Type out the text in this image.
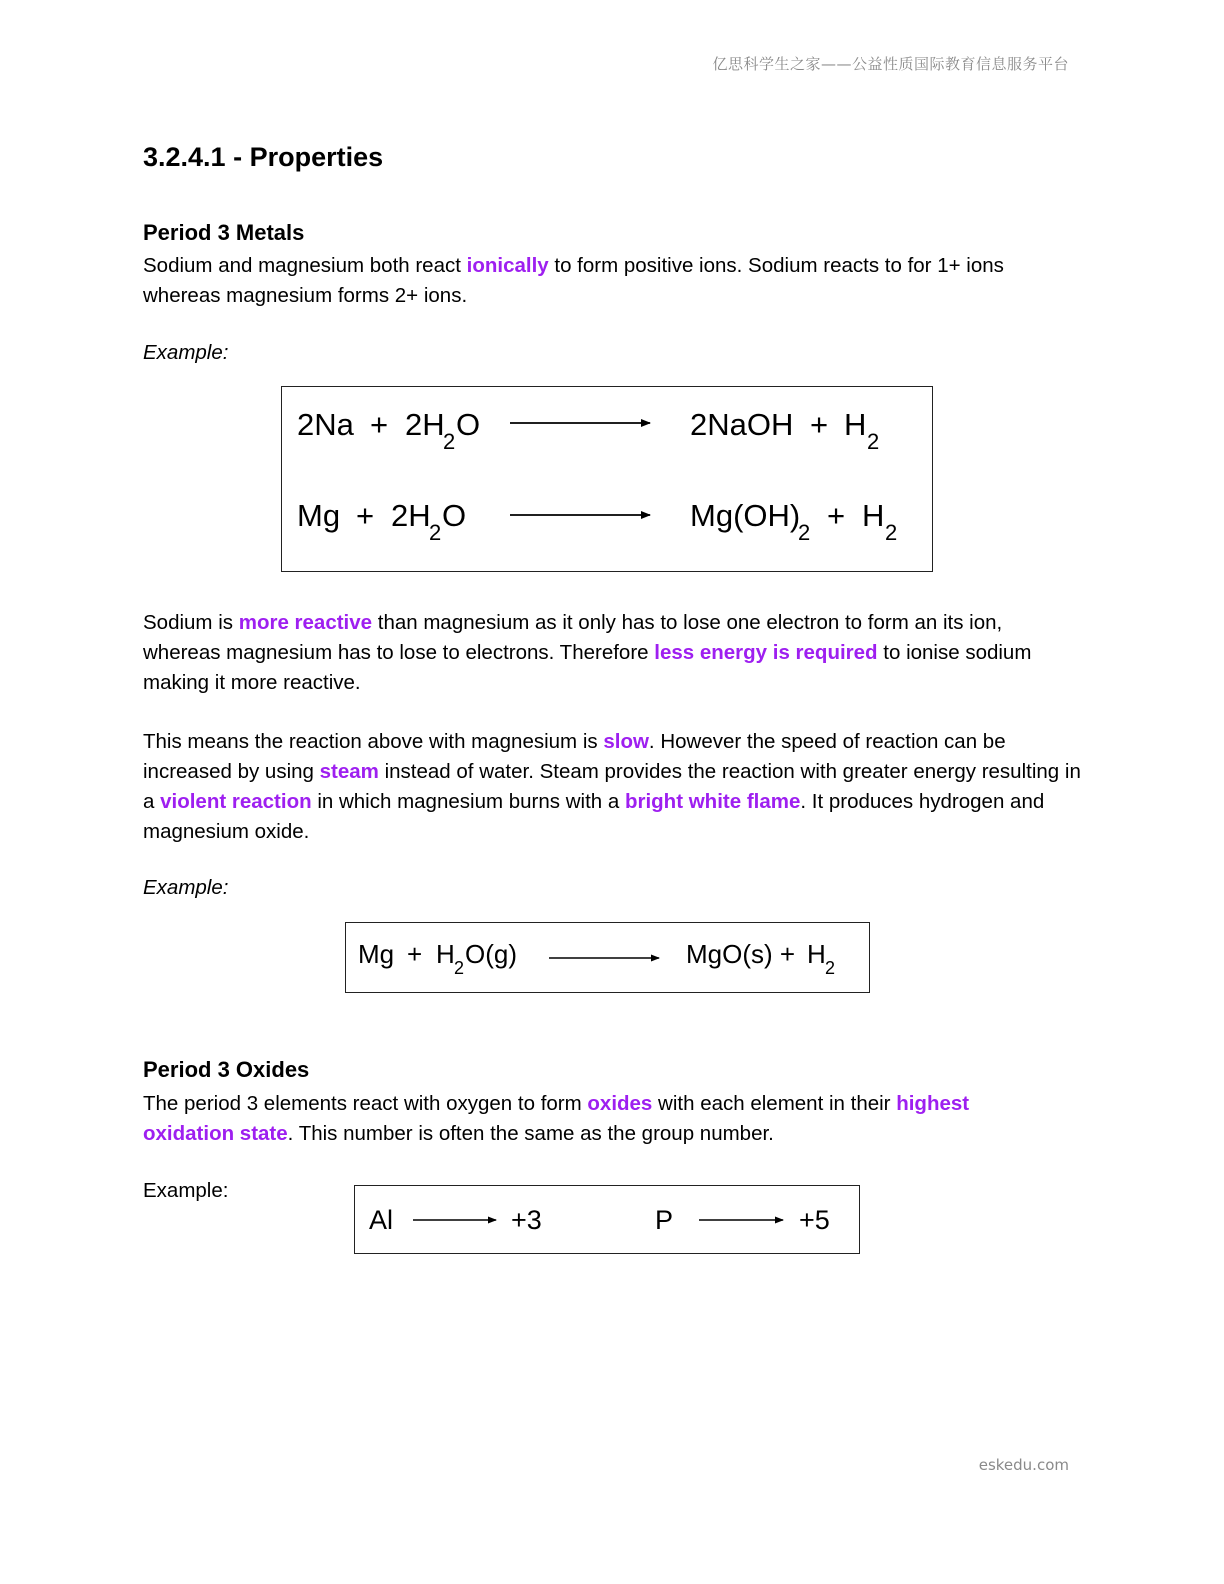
亿思科学生之家——公益性质国际教育信息服务平台
3.2.4.1 - Properties
Period 3 Metals

Sodium and magnesium both react ionically to form positive ions. Sodium reacts to for 1+ ions whereas magnesium forms 2+ ions.

Example:

2Na + 2H
2 O	2NaOH + H 2
Mg + 2H
2 O	Mg(OH)
2 + H 2

Sodium is more reactive than magnesium as it only has to lose one electron to form an its ion, whereas magnesium has to lose to electrons. Therefore less energy is required to ionise sodium making it more reactive.

This means the reaction above with magnesium is slow. However the speed of reaction can be increased by using steam instead of water. Steam provides the reaction with greater energy resulting in a violent reaction in which magnesium burns with a bright white flame. It produces hydrogen and magnesium oxide.

Example:

Mg + H 2 O(g)	MgO(s) + H 2
Period 3 Oxides

The period 3 elements react with oxygen to form oxides with each element in their highest oxidation state. This number is often the same as the group number.

Example:

Al	+3	P	+5
eskedu.com
